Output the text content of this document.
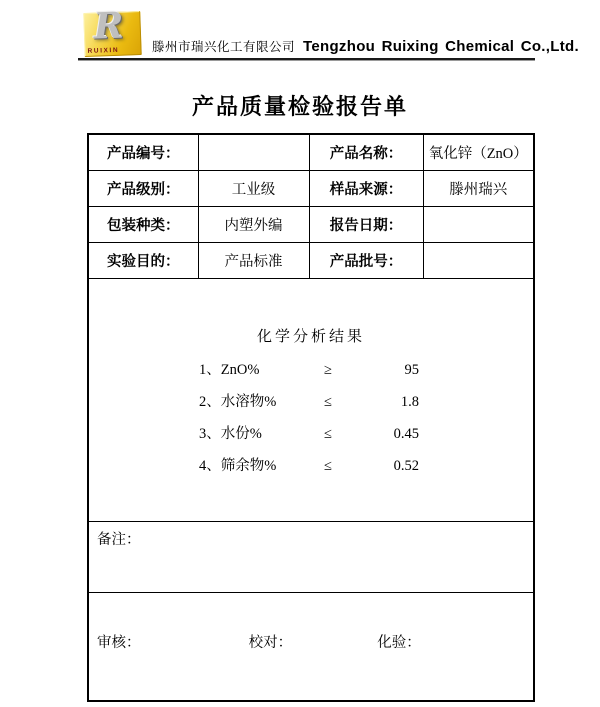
R
RUIXIN	滕州市瑞兴化工有限公司 Tengzhou Ruixing Chemical Co.,Ltd.
产品质量检验报告单
产品编号：		产品名称：	氧化锌（ZnO）
产品级别：	工业级	样品来源：	滕州瑞兴
包装种类：	内塑外编	报告日期：	
实验目的：	产品标准	产品批号：	

化学分析结果
1、ZnO%	≥	95
2、水溶物%	≤	1.8
3、水份%	≤	0.45
4、筛余物%	≤	0.52

备注：			
审核： 校对： 化验：			
